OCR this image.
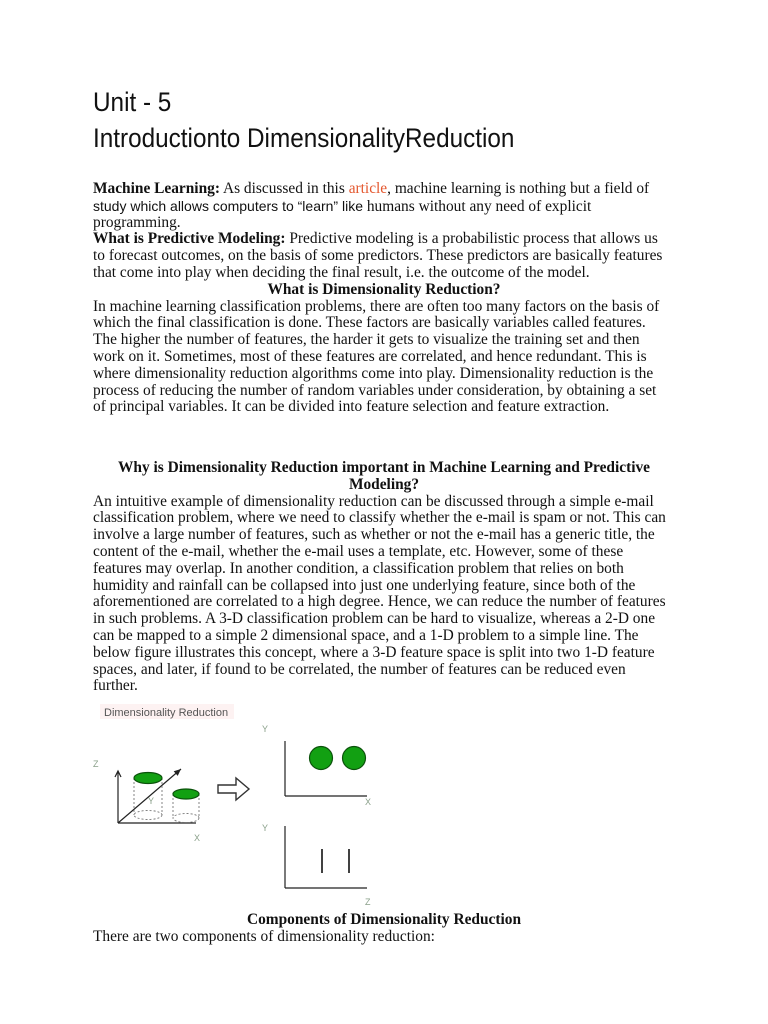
Unit - 5
Introductionto DimensionalityReduction
Machine Learning: As discussed in this article, machine learning is nothing but a field of
study which allows computers to “learn” like humans without any need of explicit
programming.
What is Predictive Modeling: Predictive modeling is a probabilistic process that allows us
to forecast outcomes, on the basis of some predictors. These predictors are basically features
that come into play when deciding the final result, i.e. the outcome of the model.
What is Dimensionality Reduction?
In machine learning classification problems, there are often too many factors on the basis of
which the final classification is done. These factors are basically variables called features.
The higher the number of features, the harder it gets to visualize the training set and then
work on it. Sometimes, most of these features are correlated, and hence redundant. This is
where dimensionality reduction algorithms come into play. Dimensionality reduction is the
process of reducing the number of random variables under consideration, by obtaining a set
of principal variables. It can be divided into feature selection and feature extraction.
Why is Dimensionality Reduction important in Machine Learning and Predictive
Modeling?
An intuitive example of dimensionality reduction can be discussed through a simple e-mail
classification problem, where we need to classify whether the e-mail is spam or not. This can
involve a large number of features, such as whether or not the e-mail has a generic title, the
content of the e-mail, whether the e-mail uses a template, etc. However, some of these
features may overlap. In another condition, a classification problem that relies on both
humidity and rainfall can be collapsed into just one underlying feature, since both of the
aforementioned are correlated to a high degree. Hence, we can reduce the number of features
in such problems. A 3-D classification problem can be hard to visualize, whereas a 2-D one
can be mapped to a simple 2 dimensional space, and a 1-D problem to a simple line. The
below figure illustrates this concept, where a 3-D feature space is split into two 1-D feature
spaces, and later, if found to be correlated, the number of features can be reduced even
further.
Dimensionality Reduction
Z
Y
X
Y
X
Y
Z
Components of Dimensionality Reduction
There are two components of dimensionality reduction:
